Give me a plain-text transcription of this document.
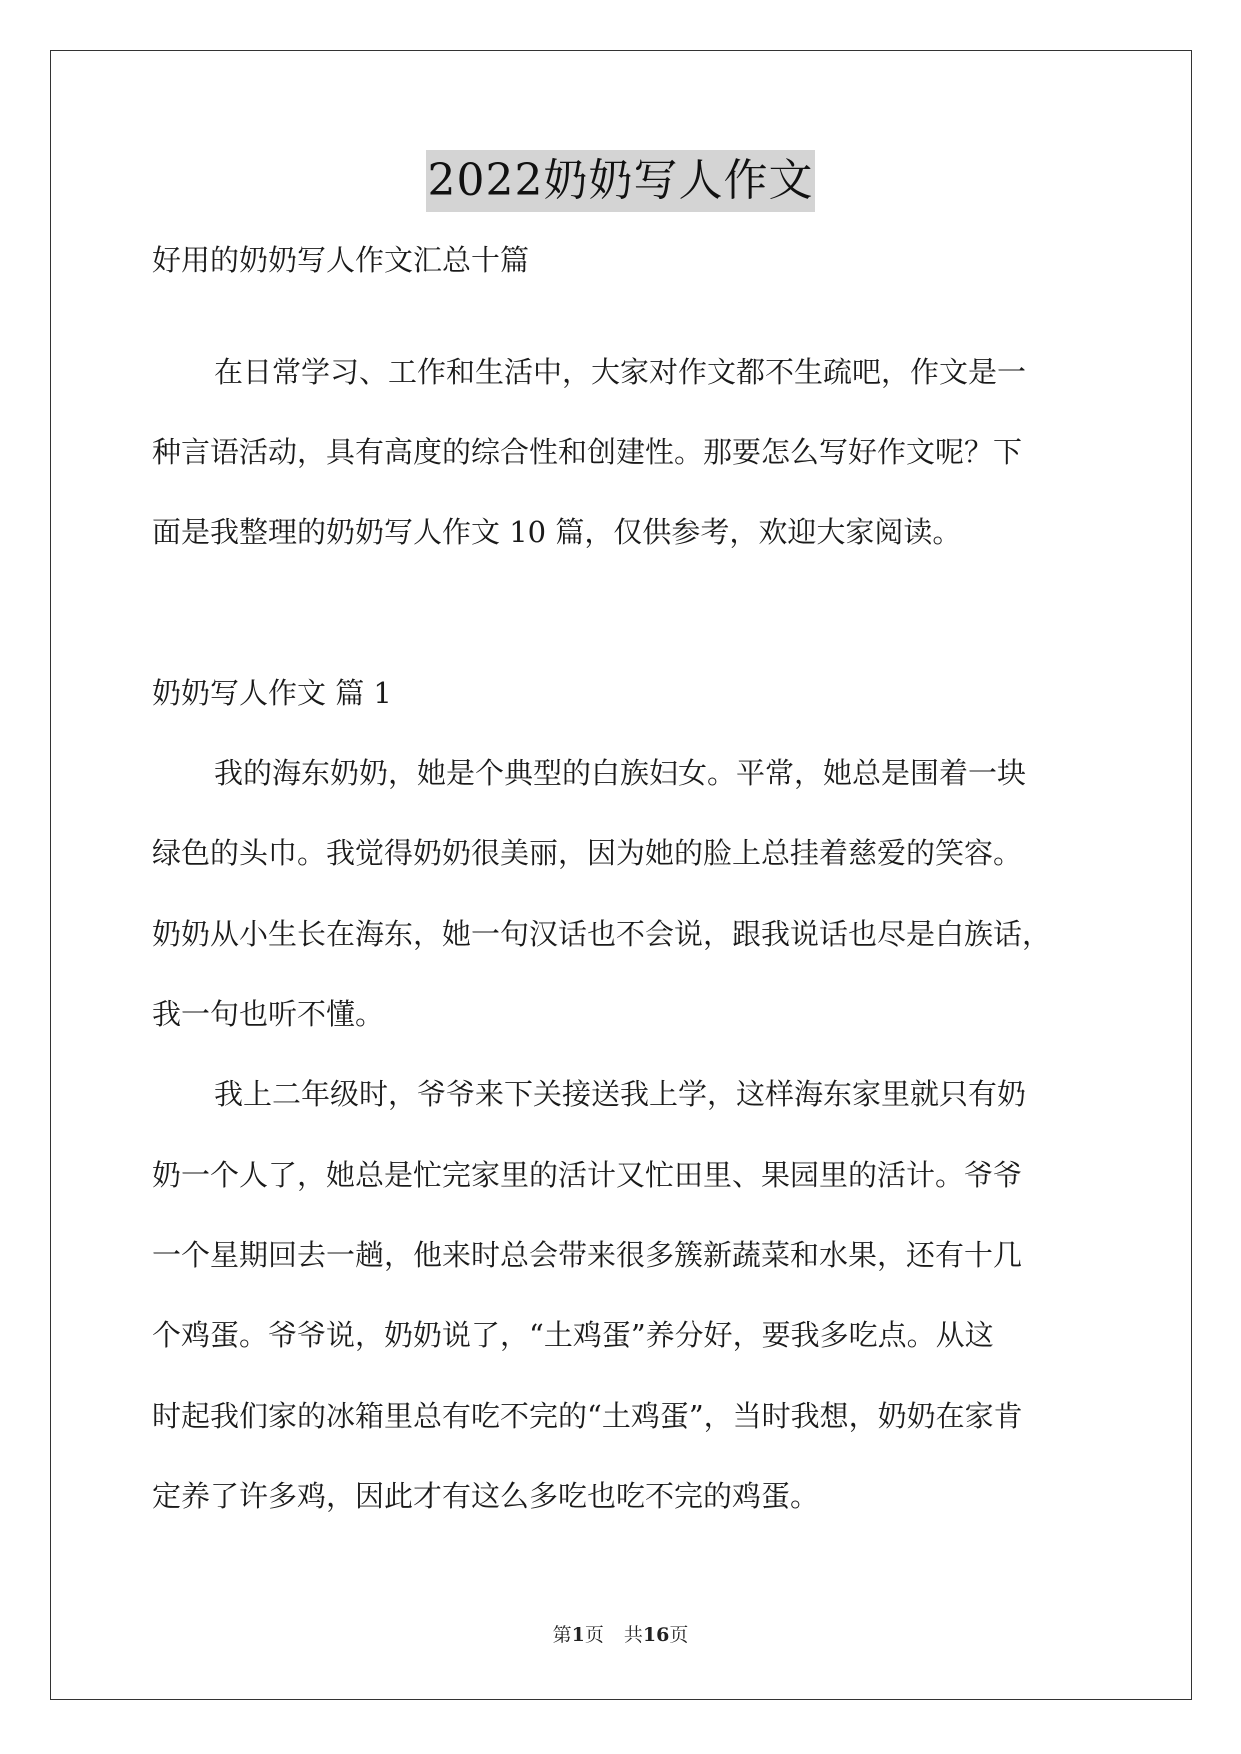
2022奶奶写人作文
好用的奶奶写人作文汇总十篇
在日常学习、工作和生活中，大家对作文都不生疏吧，作文是一
种言语活动，具有高度的综合性和创建性。那要怎么写好作文呢？下
面是我整理的奶奶写人作文 10 篇，仅供参考，欢迎大家阅读。
奶奶写人作文 篇 1
我的海东奶奶，她是个典型的白族妇女。平常，她总是围着一块
绿色的头巾。我觉得奶奶很美丽，因为她的脸上总挂着慈爱的笑容。
奶奶从小生长在海东，她一句汉话也不会说，跟我说话也尽是白族话，
我一句也听不懂。
我上二年级时，爷爷来下关接送我上学，这样海东家里就只有奶
奶一个人了，她总是忙完家里的活计又忙田里、果园里的活计。爷爷
一个星期回去一趟，他来时总会带来很多簇新蔬菜和水果，还有十几
个鸡蛋。爷爷说，奶奶说了，“土鸡蛋”养分好，要我多吃点。从这
时起我们家的冰箱里总有吃不完的“土鸡蛋”，当时我想，奶奶在家肯
定养了许多鸡，因此才有这么多吃也吃不完的鸡蛋。
第1页 共16页
